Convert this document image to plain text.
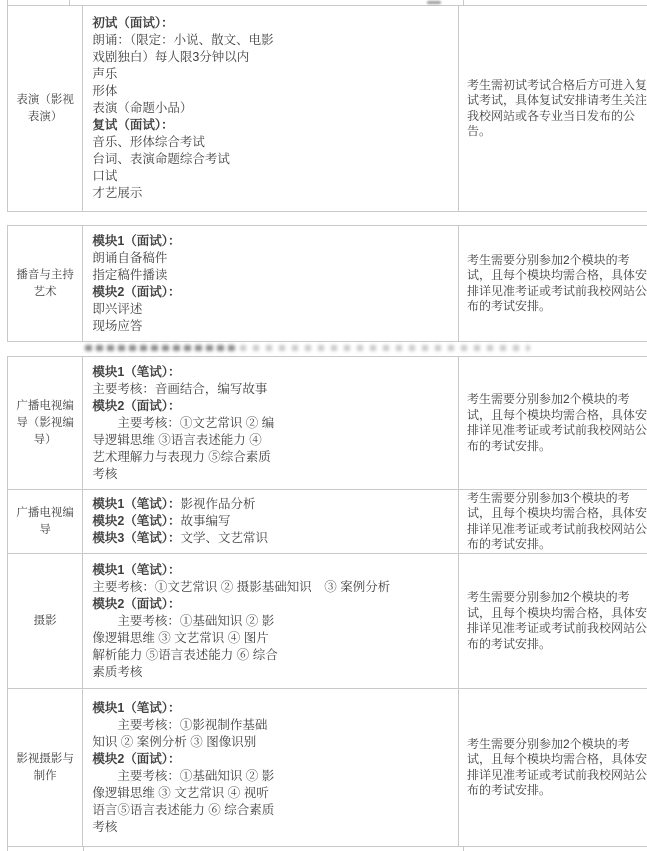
表演（影视
表演）
初试（面试）：
朗诵：（限定：小说、散文、电影
戏剧独白）每人限3分钟以内
声乐
形体
表演（命题小品）
复试（面试）：
音乐、形体综合考试
台词、表演命题综合考试
口试
才艺展示
考生需初试考试合格后方可进入复
试考试，具体复试安排请考生关注
我校网站或各专业当日发布的公
告。
播音与主持
艺术
模块1（面试）：
朗诵自备稿件
指定稿件播读
模块2（面试）：
即兴评述
现场应答
考生需要分别参加2个模块的考
试，且每个模块均需合格，具体安
排详见准考证或考试前我校网站公
布的考试安排。
广播电视编
导（影视编
导）
模块1（笔试）：
主要考核：音画结合，编写故事
模块2（面试）：
　　主要考核：①文艺常识 ② 编
导逻辑思维 ③语言表述能力 ④
艺术理解力与表现力 ⑤综合素质
考核
考生需要分别参加2个模块的考
试，且每个模块均需合格，具体安
排详见准考证或考试前我校网站公
布的考试安排。
广播电视编
导
模块1（笔试）：影视作品分析
模块2（笔试）：故事编写
模块3（笔试）：文学、文艺常识
考生需要分别参加3个模块的考
试，且每个模块均需合格，具体安
排详见准考证或考试前我校网站公
布的考试安排。
摄影
模块1（笔试）：
主要考核：①文艺常识 ② 摄影基础知识　③ 案例分析
模块2（面试）：
　　主要考核：①基础知识 ② 影
像逻辑思维 ③ 文艺常识 ④ 图片
解析能力 ⑤语言表述能力 ⑥ 综合
素质考核
考生需要分别参加2个模块的考
试，且每个模块均需合格，具体安
排详见准考证或考试前我校网站公
布的考试安排。
影视摄影与
制作
模块1（笔试）：
　　主要考核：①影视制作基础
知识 ② 案例分析 ③ 图像识别
模块2（面试）：
　　主要考核：①基础知识 ② 影
像逻辑思维 ③ 文艺常识 ④ 视听
语言⑤语言表述能力 ⑥ 综合素质
考核
考生需要分别参加2个模块的考
试，且每个模块均需合格，具体安
排详见准考证或考试前我校网站公
布的考试安排。
